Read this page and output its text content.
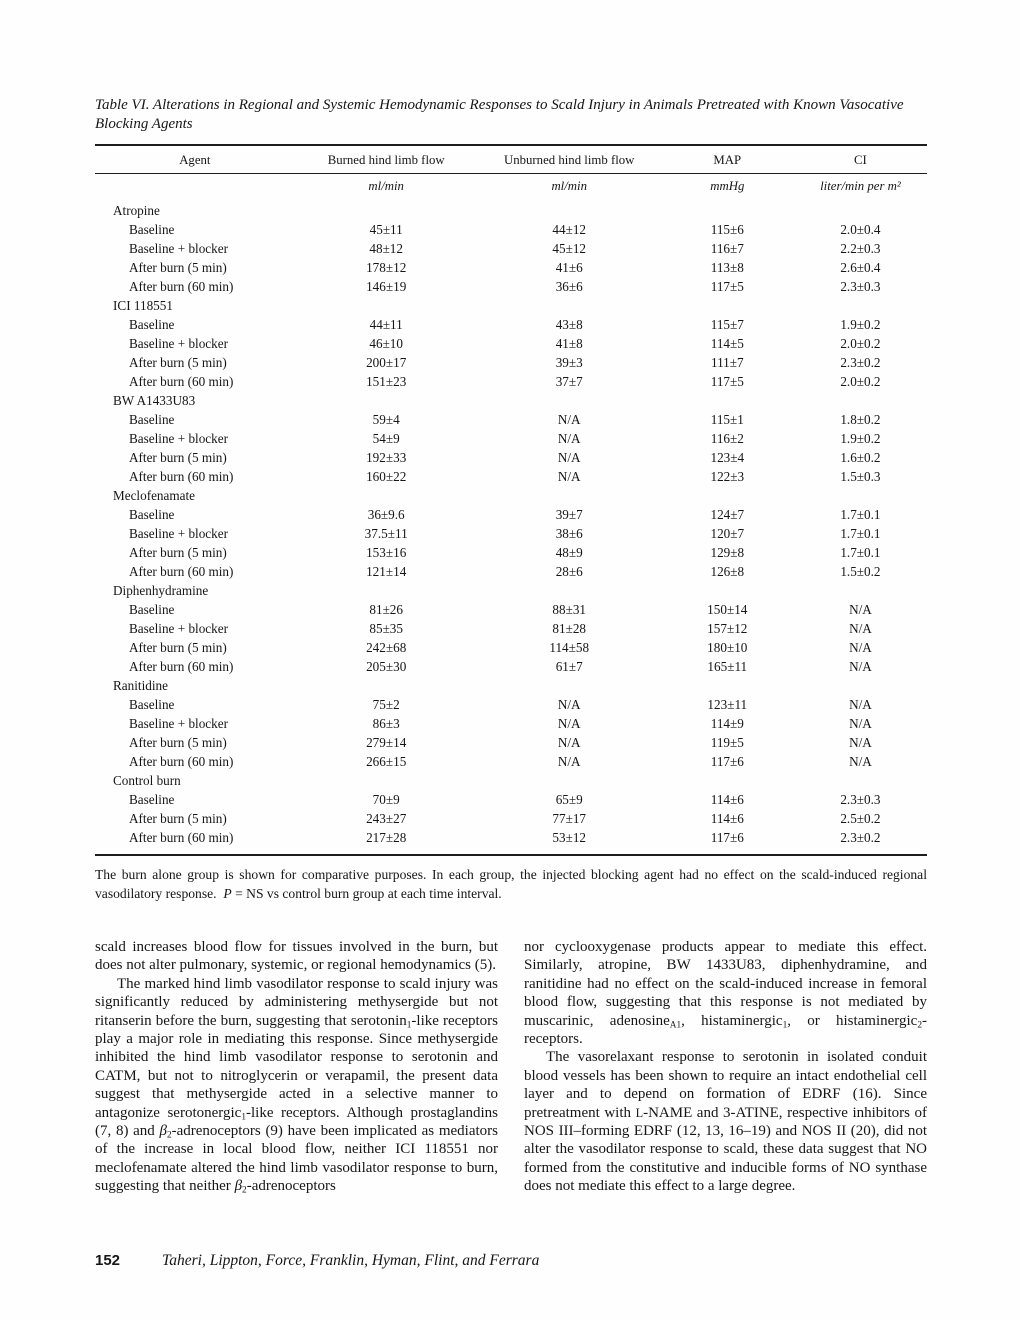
Table VI. Alterations in Regional and Systemic Hemodynamic Responses to Scald Injury in Animals Pretreated with Known Vasocative Blocking Agents
Agent	Burned hind limb flow	Unburned hind limb flow	MAP	CI
	ml/min	ml/min	mmHg	liter/min per m²
Atropine				
Baseline	45±11	44±12	115±6	2.0±0.4
Baseline + blocker	48±12	45±12	116±7	2.2±0.3
After burn (5 min)	178±12	41±6	113±8	2.6±0.4
After burn (60 min)	146±19	36±6	117±5	2.3±0.3
ICI 118551				
Baseline	44±11	43±8	115±7	1.9±0.2
Baseline + blocker	46±10	41±8	114±5	2.0±0.2
After burn (5 min)	200±17	39±3	111±7	2.3±0.2
After burn (60 min)	151±23	37±7	117±5	2.0±0.2
BW A1433U83				
Baseline	59±4	N/A	115±1	1.8±0.2
Baseline + blocker	54±9	N/A	116±2	1.9±0.2
After burn (5 min)	192±33	N/A	123±4	1.6±0.2
After burn (60 min)	160±22	N/A	122±3	1.5±0.3
Meclofenamate				
Baseline	36±9.6	39±7	124±7	1.7±0.1
Baseline + blocker	37.5±11	38±6	120±7	1.7±0.1
After burn (5 min)	153±16	48±9	129±8	1.7±0.1
After burn (60 min)	121±14	28±6	126±8	1.5±0.2
Diphenhydramine				
Baseline	81±26	88±31	150±14	N/A
Baseline + blocker	85±35	81±28	157±12	N/A
After burn (5 min)	242±68	114±58	180±10	N/A
After burn (60 min)	205±30	61±7	165±11	N/A
Ranitidine				
Baseline	75±2	N/A	123±11	N/A
Baseline + blocker	86±3	N/A	114±9	N/A
After burn (5 min)	279±14	N/A	119±5	N/A
After burn (60 min)	266±15	N/A	117±6	N/A
Control burn				
Baseline	70±9	65±9	114±6	2.3±0.3
After burn (5 min)	243±27	77±17	114±6	2.5±0.2
After burn (60 min)	217±28	53±12	117±6	2.3±0.2
The burn alone group is shown for comparative purposes. In each group, the injected blocking agent had no effect on the scald-induced regional vasodilatory response.  P = NS vs control burn group at each time interval.

scald increases blood flow for tissues involved in the burn, but does not alter pulmonary, systemic, or regional hemodynamics (5).

The marked hind limb vasodilator response to scald injury was significantly reduced by administering methysergide but not ritanserin before the burn, suggesting that serotonin$_1$-like receptors play a major role in mediating this response. Since methysergide inhibited the hind limb vasodilator response to serotonin and CATM, but not to nitroglycerin or verapamil, the present data suggest that methysergide acted in a selective manner to antagonize serotonergic$_1$-like receptors. Although prostaglandins (7, 8) and $\beta_2$-adrenoceptors (9) have been implicated as mediators of the increase in local blood flow, neither ICI 118551 nor meclofenamate altered the hind limb vasodilator response to burn, suggesting that neither $\beta_2$-adrenoceptors

nor cyclooxygenase products appear to mediate this effect. Similarly, atropine, BW 1433U83, diphenhydramine, and ranitidine had no effect on the scald-induced increase in femoral blood flow, suggesting that this response is not mediated by muscarinic, adenosine$_{A1}$, histaminergic$_1$, or histaminergic$_2$-receptors.

The vasorelaxant response to serotonin in isolated conduit blood vessels has been shown to require an intact endothelial cell layer and to depend on formation of EDRF (16). Since pretreatment with L-NAME and 3-ATINE, respective inhibitors of NOS III–forming EDRF (12, 13, 16–19) and NOS II (20), did not alter the vasodilator response to scald, these data suggest that NO formed from the constitutive and inducible forms of NO synthase does not mediate this effect to a large degree.

152	Taheri, Lippton, Force, Franklin, Hyman, Flint, and Ferrara
